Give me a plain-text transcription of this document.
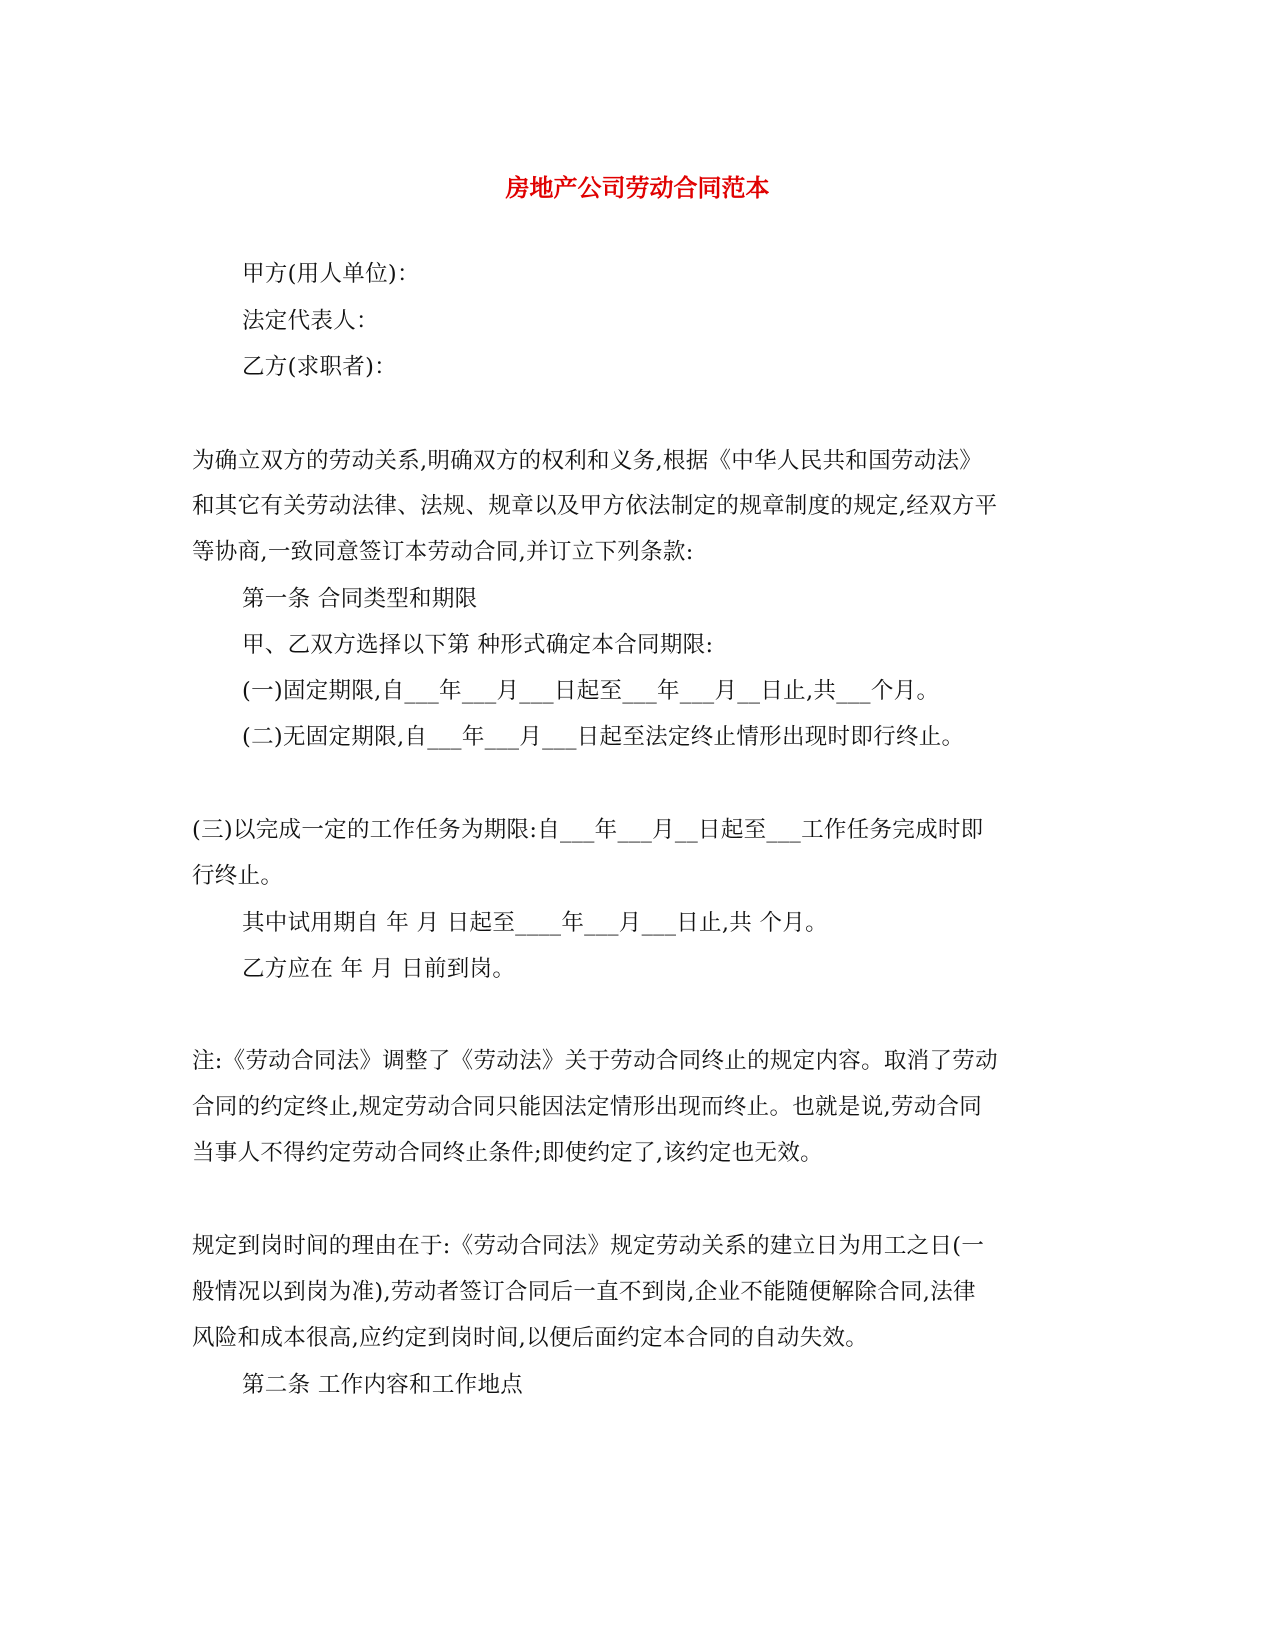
房地产公司劳动合同范本
甲方(用人单位)：
法定代表人：
乙方(求职者)：
为确立双方的劳动关系,明确双方的权利和义务,根据《中华人民共和国劳动法》
和其它有关劳动法律、法规、规章以及甲方依法制定的规章制度的规定,经双方平
等协商,一致同意签订本劳动合同,并订立下列条款:
第一条 合同类型和期限
甲、乙双方选择以下第 种形式确定本合同期限:
(一)固定期限,自___年___月___日起至___年___月__日止,共___个月。
(二)无固定期限,自___年___月___日起至法定终止情形出现时即行终止。
(三)以完成一定的工作任务为期限:自___年___月__日起至___工作任务完成时即
行终止。
其中试用期自 年 月 日起至____年___月___日止,共 个月。
乙方应在 年 月 日前到岗。
注:《劳动合同法》调整了《劳动法》关于劳动合同终止的规定内容。取消了劳动
合同的约定终止,规定劳动合同只能因法定情形出现而终止。也就是说,劳动合同
当事人不得约定劳动合同终止条件;即使约定了,该约定也无效。
规定到岗时间的理由在于:《劳动合同法》规定劳动关系的建立日为用工之日(一
般情况以到岗为准),劳动者签订合同后一直不到岗,企业不能随便解除合同,法律
风险和成本很高,应约定到岗时间,以便后面约定本合同的自动失效。
第二条 工作内容和工作地点
